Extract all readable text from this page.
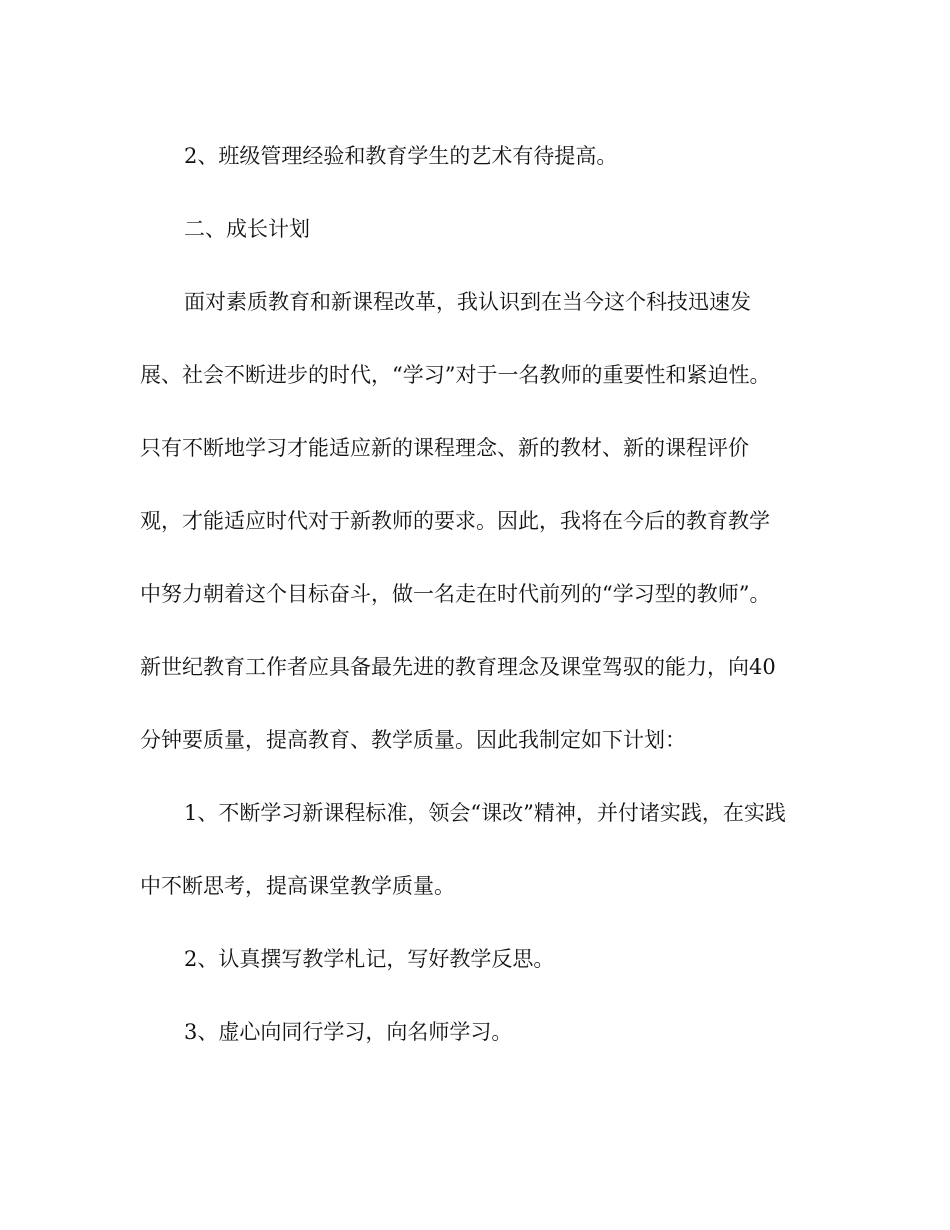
2、班级管理经验和教育学生的艺术有待提高。
二、成长计划
面对素质教育和新课程改革，我认识到在当今这个科技迅速发
展、社会不断进步的时代，“学习”对于一名教师的重要性和紧迫性。
只有不断地学习才能适应新的课程理念、新的教材、新的课程评价
观，才能适应时代对于新教师的要求。因此，我将在今后的教育教学
中努力朝着这个目标奋斗，做一名走在时代前列的“学习型的教师”。
新世纪教育工作者应具备最先进的教育理念及课堂驾驭的能力，向40
分钟要质量，提高教育、教学质量。因此我制定如下计划：
1、不断学习新课程标准，领会“课改”精神，并付诸实践，在实践
中不断思考，提高课堂教学质量。
2、认真撰写教学札记，写好教学反思。
3、虚心向同行学习，向名师学习。
